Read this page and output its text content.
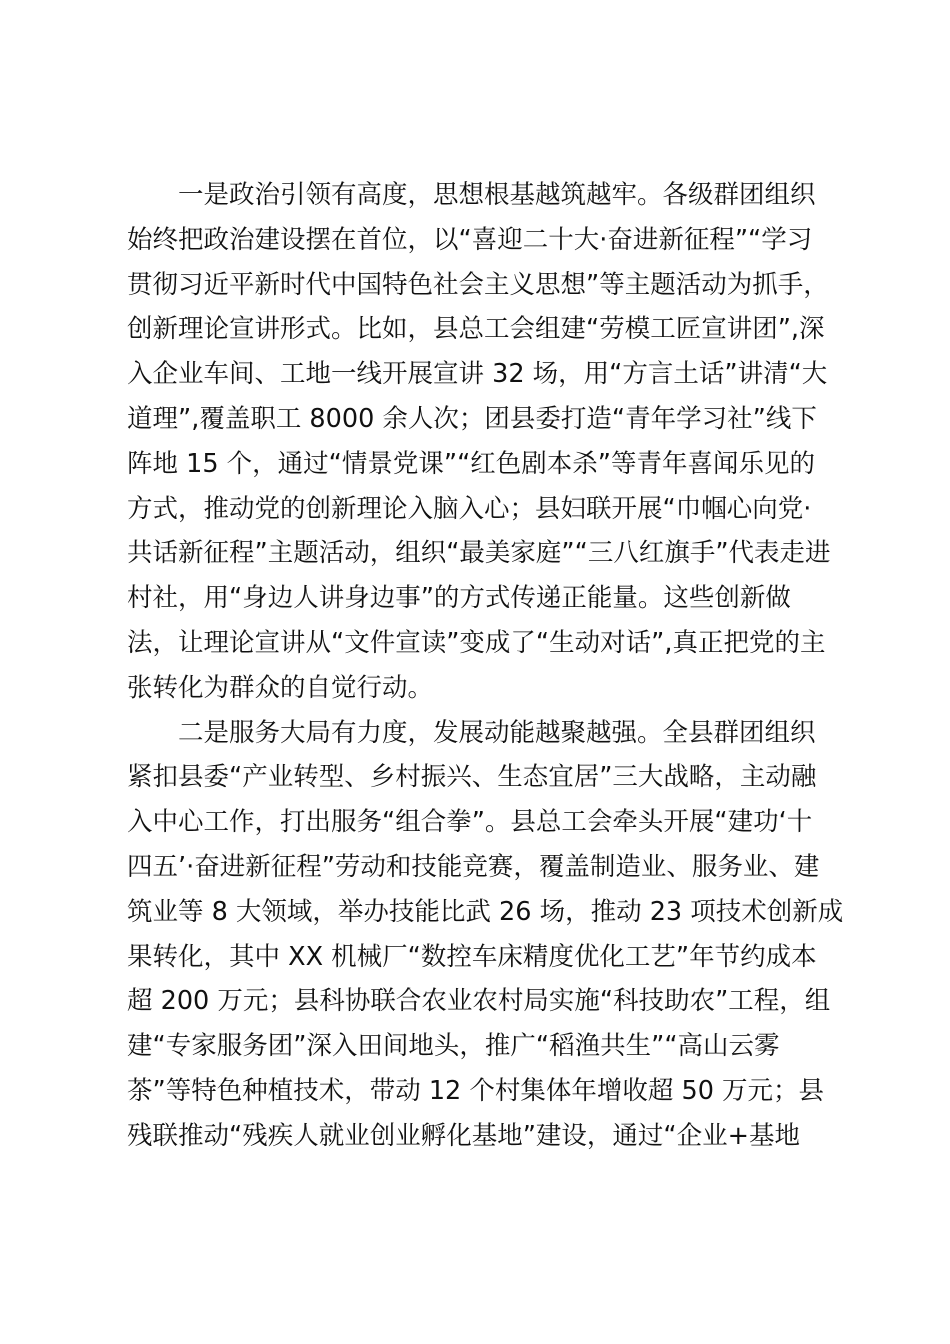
一是政治引领有高度，思想根基越筑越牢。各级群团组织
始终把政治建设摆在首位，以“喜迎二十大·奋进新征程”“学习
贯彻习近平新时代中国特色社会主义思想”等主题活动为抓手，
创新理论宣讲形式。比如，县总工会组建“劳模工匠宣讲团”,深
入企业车间、工地一线开展宣讲 32 场，用“方言土话”讲清“大
道理”,覆盖职工 8000 余人次；团县委打造“青年学习社”线下
阵地 15 个，通过“情景党课”“红色剧本杀”等青年喜闻乐见的
方式，推动党的创新理论入脑入心；县妇联开展“巾帼心向党·
共话新征程”主题活动，组织“最美家庭”“三八红旗手”代表走进
村社，用“身边人讲身边事”的方式传递正能量。这些创新做
法，让理论宣讲从“文件宣读”变成了“生动对话”,真正把党的主
张转化为群众的自觉行动。
二是服务大局有力度，发展动能越聚越强。全县群团组织
紧扣县委“产业转型、乡村振兴、生态宜居”三大战略，主动融
入中心工作，打出服务“组合拳”。县总工会牵头开展“建功‘十
四五’·奋进新征程”劳动和技能竞赛，覆盖制造业、服务业、建
筑业等 8 大领域，举办技能比武 26 场，推动 23 项技术创新成
果转化，其中 XX 机械厂“数控车床精度优化工艺”年节约成本
超 200 万元；县科协联合农业农村局实施“科技助农”工程，组
建“专家服务团”深入田间地头，推广“稻渔共生”“高山云雾
茶”等特色种植技术，带动 12 个村集体年增收超 50 万元；县
残联推动“残疾人就业创业孵化基地”建设，通过“企业+基地
